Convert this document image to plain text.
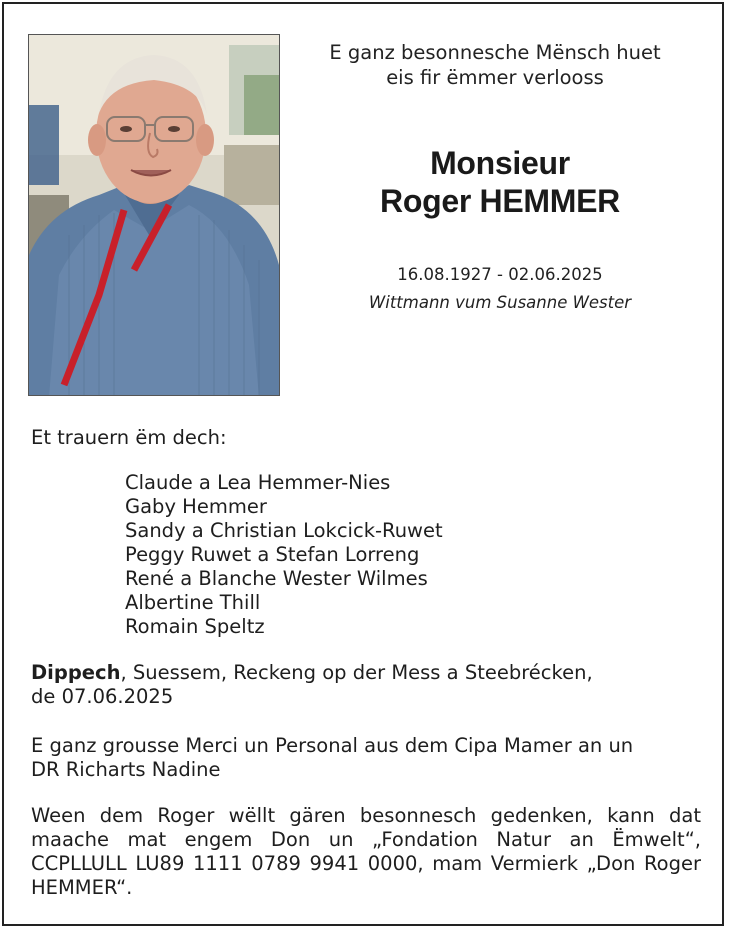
E ganz besonnesche Mënsch huet
eis fir ëmmer verlooss
Monsieur
Roger HEMMER
16.08.1927 - 02.06.2025
Wittmann vum Susanne Wester
Et trauern ëm dech:
Claude a Lea Hemmer-Nies
Gaby Hemmer
Sandy a Christian Lokcick-Ruwet
Peggy Ruwet a Stefan Lorreng
René a Blanche Wester Wilmes
Albertine Thill
Romain Speltz
Dippech, Suessem, Reckeng op der Mess a Steebrécken,
de 07.06.2025
E ganz grousse Merci un Personal aus dem Cipa Mamer an un
DR Richarts Nadine
Ween dem Roger wëllt gären besonnesch gedenken, kann dat maache mat engem Don un „Fondation Natur an Ëmwelt“, CCPLLULL LU89 1111 0789 9941 0000, mam Vermierk „Don Roger HEMMER“.
